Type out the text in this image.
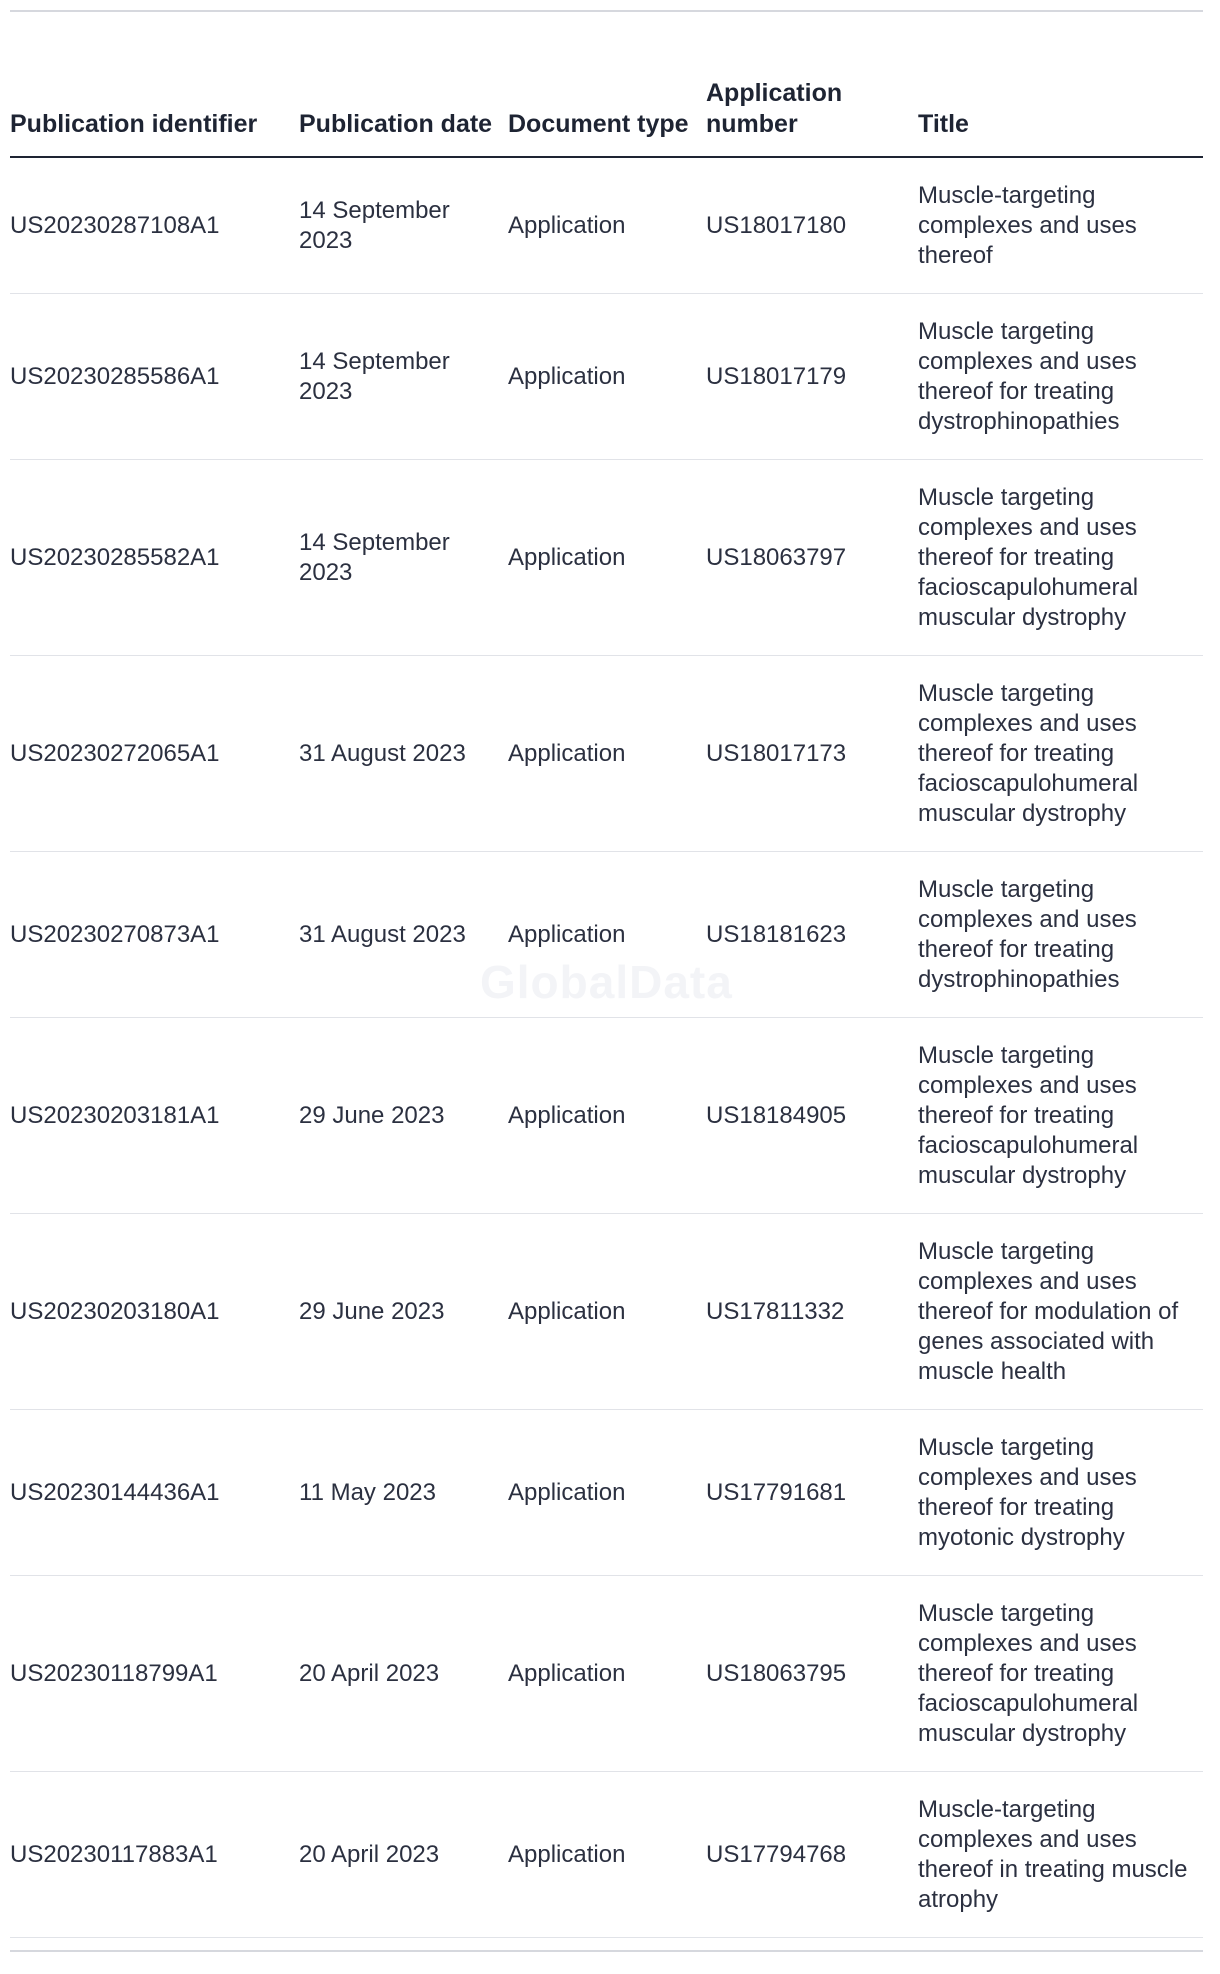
Publication identifier	Publication date	Document type	Application number	Title
US20230287108A1	14 September 2023	Application	US18017180	Muscle-targeting complexes and uses thereof
US20230285586A1	14 September 2023	Application	US18017179	Muscle targeting complexes and uses thereof for treating dystrophinopathies
US20230285582A1	14 September 2023	Application	US18063797	Muscle targeting complexes and uses thereof for treating facioscapulohumeral muscular dystrophy
US20230272065A1	31 August 2023	Application	US18017173	Muscle targeting complexes and uses thereof for treating facioscapulohumeral muscular dystrophy
US20230270873A1	31 August 2023	Application	US18181623	Muscle targeting complexes and uses thereof for treating dystrophinopathies
US20230203181A1	29 June 2023	Application	US18184905	Muscle targeting complexes and uses thereof for treating facioscapulohumeral muscular dystrophy
US20230203180A1	29 June 2023	Application	US17811332	Muscle targeting complexes and uses thereof for modulation of genes associated with muscle health
US20230144436A1	11 May 2023	Application	US17791681	Muscle targeting complexes and uses thereof for treating myotonic dystrophy
US20230118799A1	20 April 2023	Application	US18063795	Muscle targeting complexes and uses thereof for treating facioscapulohumeral muscular dystrophy
US20230117883A1	20 April 2023	Application	US17794768	Muscle-targeting complexes and uses thereof in treating muscle atrophy
GlobalData
